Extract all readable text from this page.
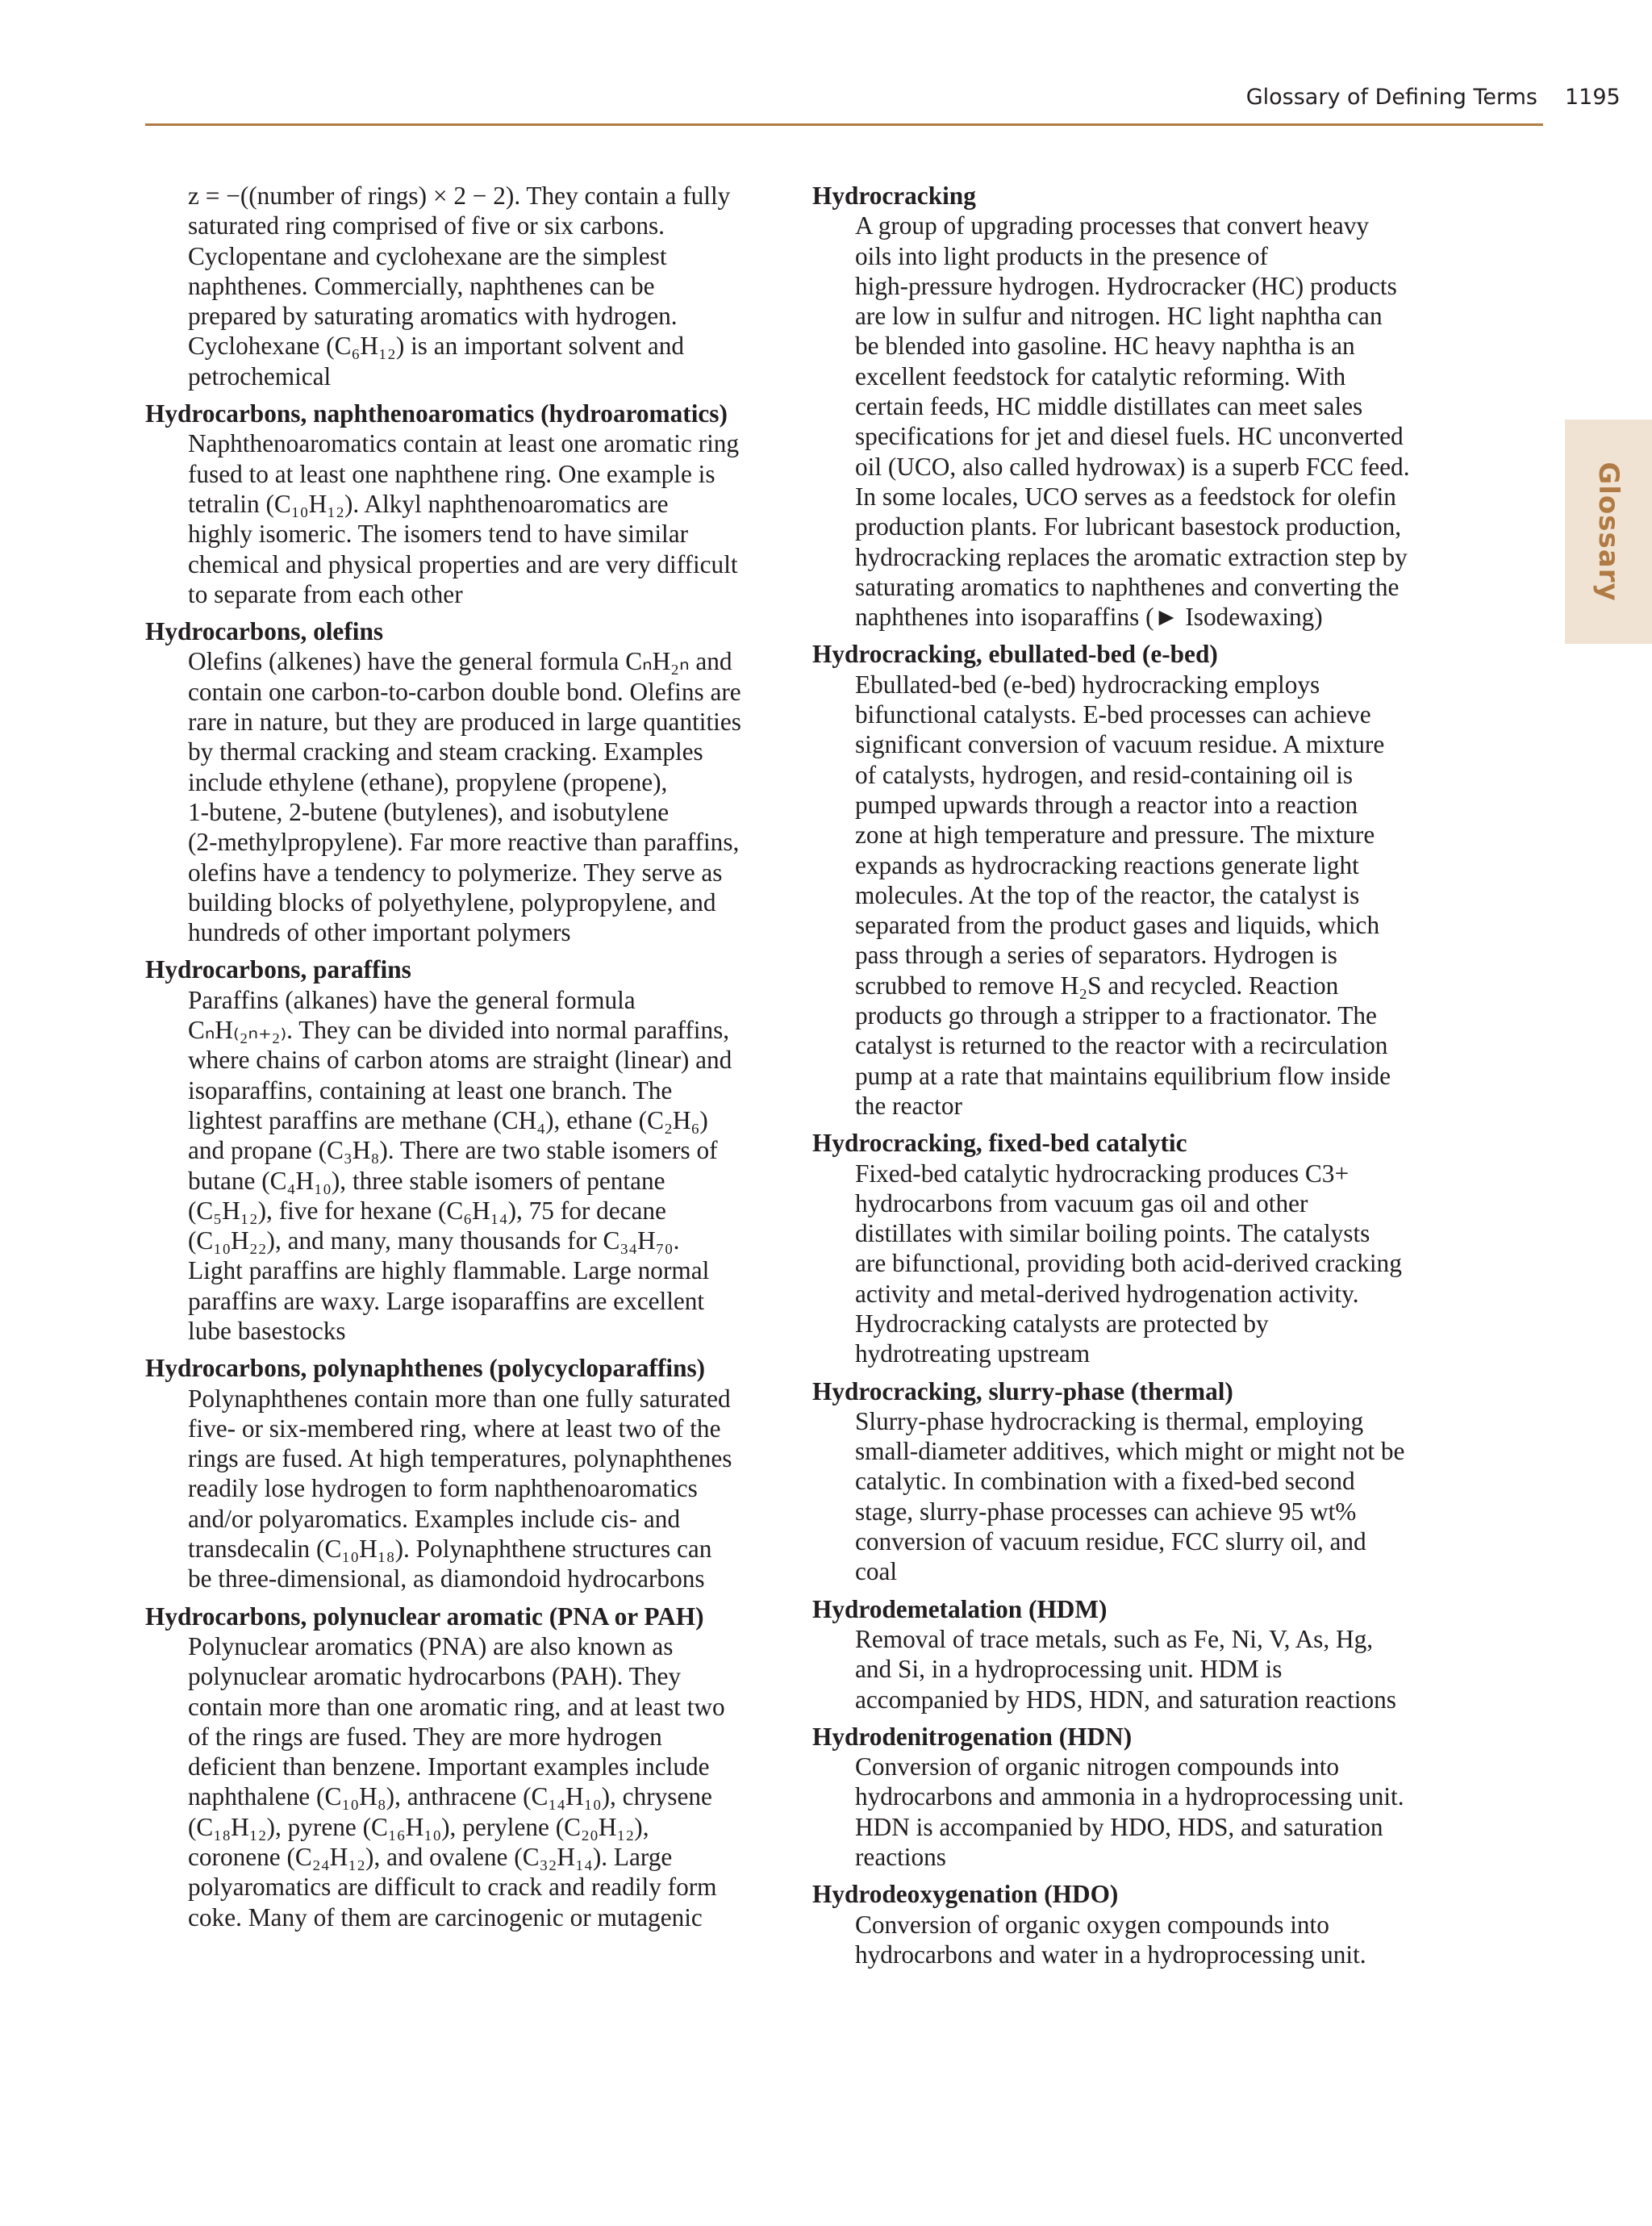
Glossary of Defining Terms 1195
Glossary
z = −((number of rings) × 2 − 2). They contain a fully
saturated ring comprised of five or six carbons.
Cyclopentane and cyclohexane are the simplest
naphthenes. Commercially, naphthenes can be
prepared by saturating aromatics with hydrogen.
Cyclohexane (C₆H₁₂) is an important solvent and
petrochemical
Hydrocarbons, naphthenoaromatics (hydroaromatics)
Naphthenoaromatics contain at least one aromatic ring
fused to at least one naphthene ring. One example is
tetralin (C₁₀H₁₂). Alkyl naphthenoaromatics are
highly isomeric. The isomers tend to have similar
chemical and physical properties and are very difficult
to separate from each other
Hydrocarbons, olefins
Olefins (alkenes) have the general formula CₙH₂ₙ and
contain one carbon-to-carbon double bond. Olefins are
rare in nature, but they are produced in large quantities
by thermal cracking and steam cracking. Examples
include ethylene (ethane), propylene (propene),
1-butene, 2-butene (butylenes), and isobutylene
(2-methylpropylene). Far more reactive than paraffins,
olefins have a tendency to polymerize. They serve as
building blocks of polyethylene, polypropylene, and
hundreds of other important polymers
Hydrocarbons, paraffins
Paraffins (alkanes) have the general formula
CₙH₍₂ₙ₊₂₎. They can be divided into normal paraffins,
where chains of carbon atoms are straight (linear) and
isoparaffins, containing at least one branch. The
lightest paraffins are methane (CH₄), ethane (C₂H₆)
and propane (C₃H₈). There are two stable isomers of
butane (C₄H₁₀), three stable isomers of pentane
(C₅H₁₂), five for hexane (C₆H₁₄), 75 for decane
(C₁₀H₂₂), and many, many thousands for C₃₄H₇₀.
Light paraffins are highly flammable. Large normal
paraffins are waxy. Large isoparaffins are excellent
lube basestocks
Hydrocarbons, polynaphthenes (polycycloparaffins)
Polynaphthenes contain more than one fully saturated
five- or six-membered ring, where at least two of the
rings are fused. At high temperatures, polynaphthenes
readily lose hydrogen to form naphthenoaromatics
and/or polyaromatics. Examples include cis- and
transdecalin (C₁₀H₁₈). Polynaphthene structures can
be three-dimensional, as diamondoid hydrocarbons
Hydrocarbons, polynuclear aromatic (PNA or PAH)
Polynuclear aromatics (PNA) are also known as
polynuclear aromatic hydrocarbons (PAH). They
contain more than one aromatic ring, and at least two
of the rings are fused. They are more hydrogen
deficient than benzene. Important examples include
naphthalene (C₁₀H₈), anthracene (C₁₄H₁₀), chrysene
(C₁₈H₁₂), pyrene (C₁₆H₁₀), perylene (C₂₀H₁₂),
coronene (C₂₄H₁₂), and ovalene (C₃₂H₁₄). Large
polyaromatics are difficult to crack and readily form
coke. Many of them are carcinogenic or mutagenic
Hydrocracking
A group of upgrading processes that convert heavy
oils into light products in the presence of
high-pressure hydrogen. Hydrocracker (HC) products
are low in sulfur and nitrogen. HC light naphtha can
be blended into gasoline. HC heavy naphtha is an
excellent feedstock for catalytic reforming. With
certain feeds, HC middle distillates can meet sales
specifications for jet and diesel fuels. HC unconverted
oil (UCO, also called hydrowax) is a superb FCC feed.
In some locales, UCO serves as a feedstock for olefin
production plants. For lubricant basestock production,
hydrocracking replaces the aromatic extraction step by
saturating aromatics to naphthenes and converting the
naphthenes into isoparaffins (► Isodewaxing)
Hydrocracking, ebullated-bed (e-bed)
Ebullated-bed (e-bed) hydrocracking employs
bifunctional catalysts. E-bed processes can achieve
significant conversion of vacuum residue. A mixture
of catalysts, hydrogen, and resid-containing oil is
pumped upwards through a reactor into a reaction
zone at high temperature and pressure. The mixture
expands as hydrocracking reactions generate light
molecules. At the top of the reactor, the catalyst is
separated from the product gases and liquids, which
pass through a series of separators. Hydrogen is
scrubbed to remove H₂S and recycled. Reaction
products go through a stripper to a fractionator. The
catalyst is returned to the reactor with a recirculation
pump at a rate that maintains equilibrium flow inside
the reactor
Hydrocracking, fixed-bed catalytic
Fixed-bed catalytic hydrocracking produces C3+
hydrocarbons from vacuum gas oil and other
distillates with similar boiling points. The catalysts
are bifunctional, providing both acid-derived cracking
activity and metal-derived hydrogenation activity.
Hydrocracking catalysts are protected by
hydrotreating upstream
Hydrocracking, slurry-phase (thermal)
Slurry-phase hydrocracking is thermal, employing
small-diameter additives, which might or might not be
catalytic. In combination with a fixed-bed second
stage, slurry-phase processes can achieve 95 wt%
conversion of vacuum residue, FCC slurry oil, and
coal
Hydrodemetalation (HDM)
Removal of trace metals, such as Fe, Ni, V, As, Hg,
and Si, in a hydroprocessing unit. HDM is
accompanied by HDS, HDN, and saturation reactions
Hydrodenitrogenation (HDN)
Conversion of organic nitrogen compounds into
hydrocarbons and ammonia in a hydroprocessing unit.
HDN is accompanied by HDO, HDS, and saturation
reactions
Hydrodeoxygenation (HDO)
Conversion of organic oxygen compounds into
hydrocarbons and water in a hydroprocessing unit.
